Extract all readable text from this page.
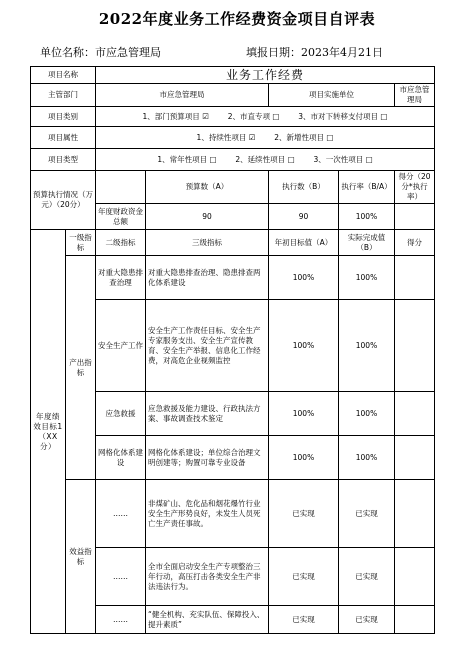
2022年度业务工作经费资金项目自评表
单位名称：市应急管理局	填报日期：2023年4月21日
项目名称		业务工作经费				
主管部门		市应急管理局		项目实施单位		市应急管理局
项目类别		1、部门预算项目 ☑ 2、市直专项 □ 3、市对下转移支付项目 □				
项目属性		1、持续性项目 ☑ 2、新增性项目 □				
项目类型		1、常年性项目 □ 2、延续性项目 □ 3、一次性项目 □				
预算执行情况（万元）（20分）			预算数（A）	执行数（B）	执行率（B/A）	得分（20分*执行率）
		年度财政资金总额	90	90	100%	
年度绩效目标1（XX分）	一级指标	二级指标	三级指标	年初目标值（A）	实际完成值（B）	得分
	产出指标	对重大隐患排查治理	对重大隐患排查治理、隐患排查两化体系建设	100%	100%	
		安全生产工作	安全生产工作责任目标、安全生产专家服务支出、安全生产宣传教育、安全生产举报、信息化工作经费，对高危企业视频监控	100%	100%	
		应急救援	应急救援及能力建设、行政执法方案、事故调查技术鉴定	100%	100%	
		网格化体系建设	网格化体系建设；单位综合治理文明创建等；购置可靠专业设备	100%	100%	
	效益指标	……	非煤矿山、危化品和烟花爆竹行业安全生产形势良好，未发生人员死亡生产责任事故。	已实现	已实现	
		……	全市全面启动安全生产专项整治三年行动，高压打击各类安全生产非法违法行为。	已实现	已实现	
		……	“健全机构、充实队伍、保障投入、提升素质”	已实现	已实现	
